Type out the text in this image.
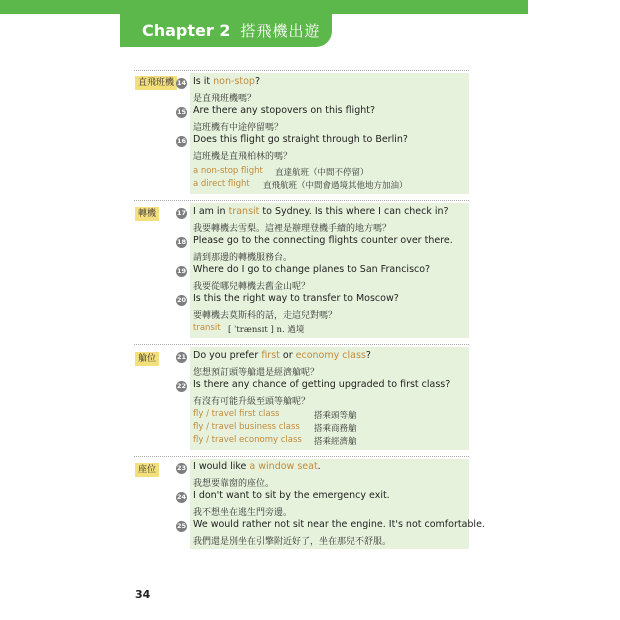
Chapter 2 搭飛機出遊
直飛班機 14 Is it non-stop?
是直飛班機嗎？
15 Are there any stopovers on this flight?
這班機有中途停留嗎？
16 Does this flight go straight through to Berlin?
這班機是直飛柏林的嗎？
a non-stop flight 直達航班（中間不停留）
a direct flight 直飛航班（中間會過境其他地方加油）
轉機	17 I am in transit to Sydney. Is this where I can check in?
我要轉機去雪梨。這裡是辦理登機手續的地方嗎？
18 Please go to the connecting flights counter over there.
請到那邊的轉機服務台。
19 Where do I go to change planes to San Francisco?
我要從哪兒轉機去舊金山呢？
20 Is this the right way to transfer to Moscow?
要轉機去莫斯科的話，走這兒對嗎？
transit [ ˈtrænsɪt ] n. 過境
艙位	21 Do you prefer first or economy class?
您想預訂頭等艙還是經濟艙呢？
22 Is there any chance of getting upgraded to first class?
有沒有可能升級至頭等艙呢？
fly / travel first class	搭乘頭等艙
fly / travel business class 搭乘商務艙
fly / travel economy class 搭乘經濟艙
座位	23 I would like a window seat.
我想要靠窗的座位。
24 I don't want to sit by the emergency exit.
我不想坐在逃生門旁邊。
25 We would rather not sit near the engine. It's not comfortable.
我們還是別坐在引擎附近好了，坐在那兒不舒服。
34
